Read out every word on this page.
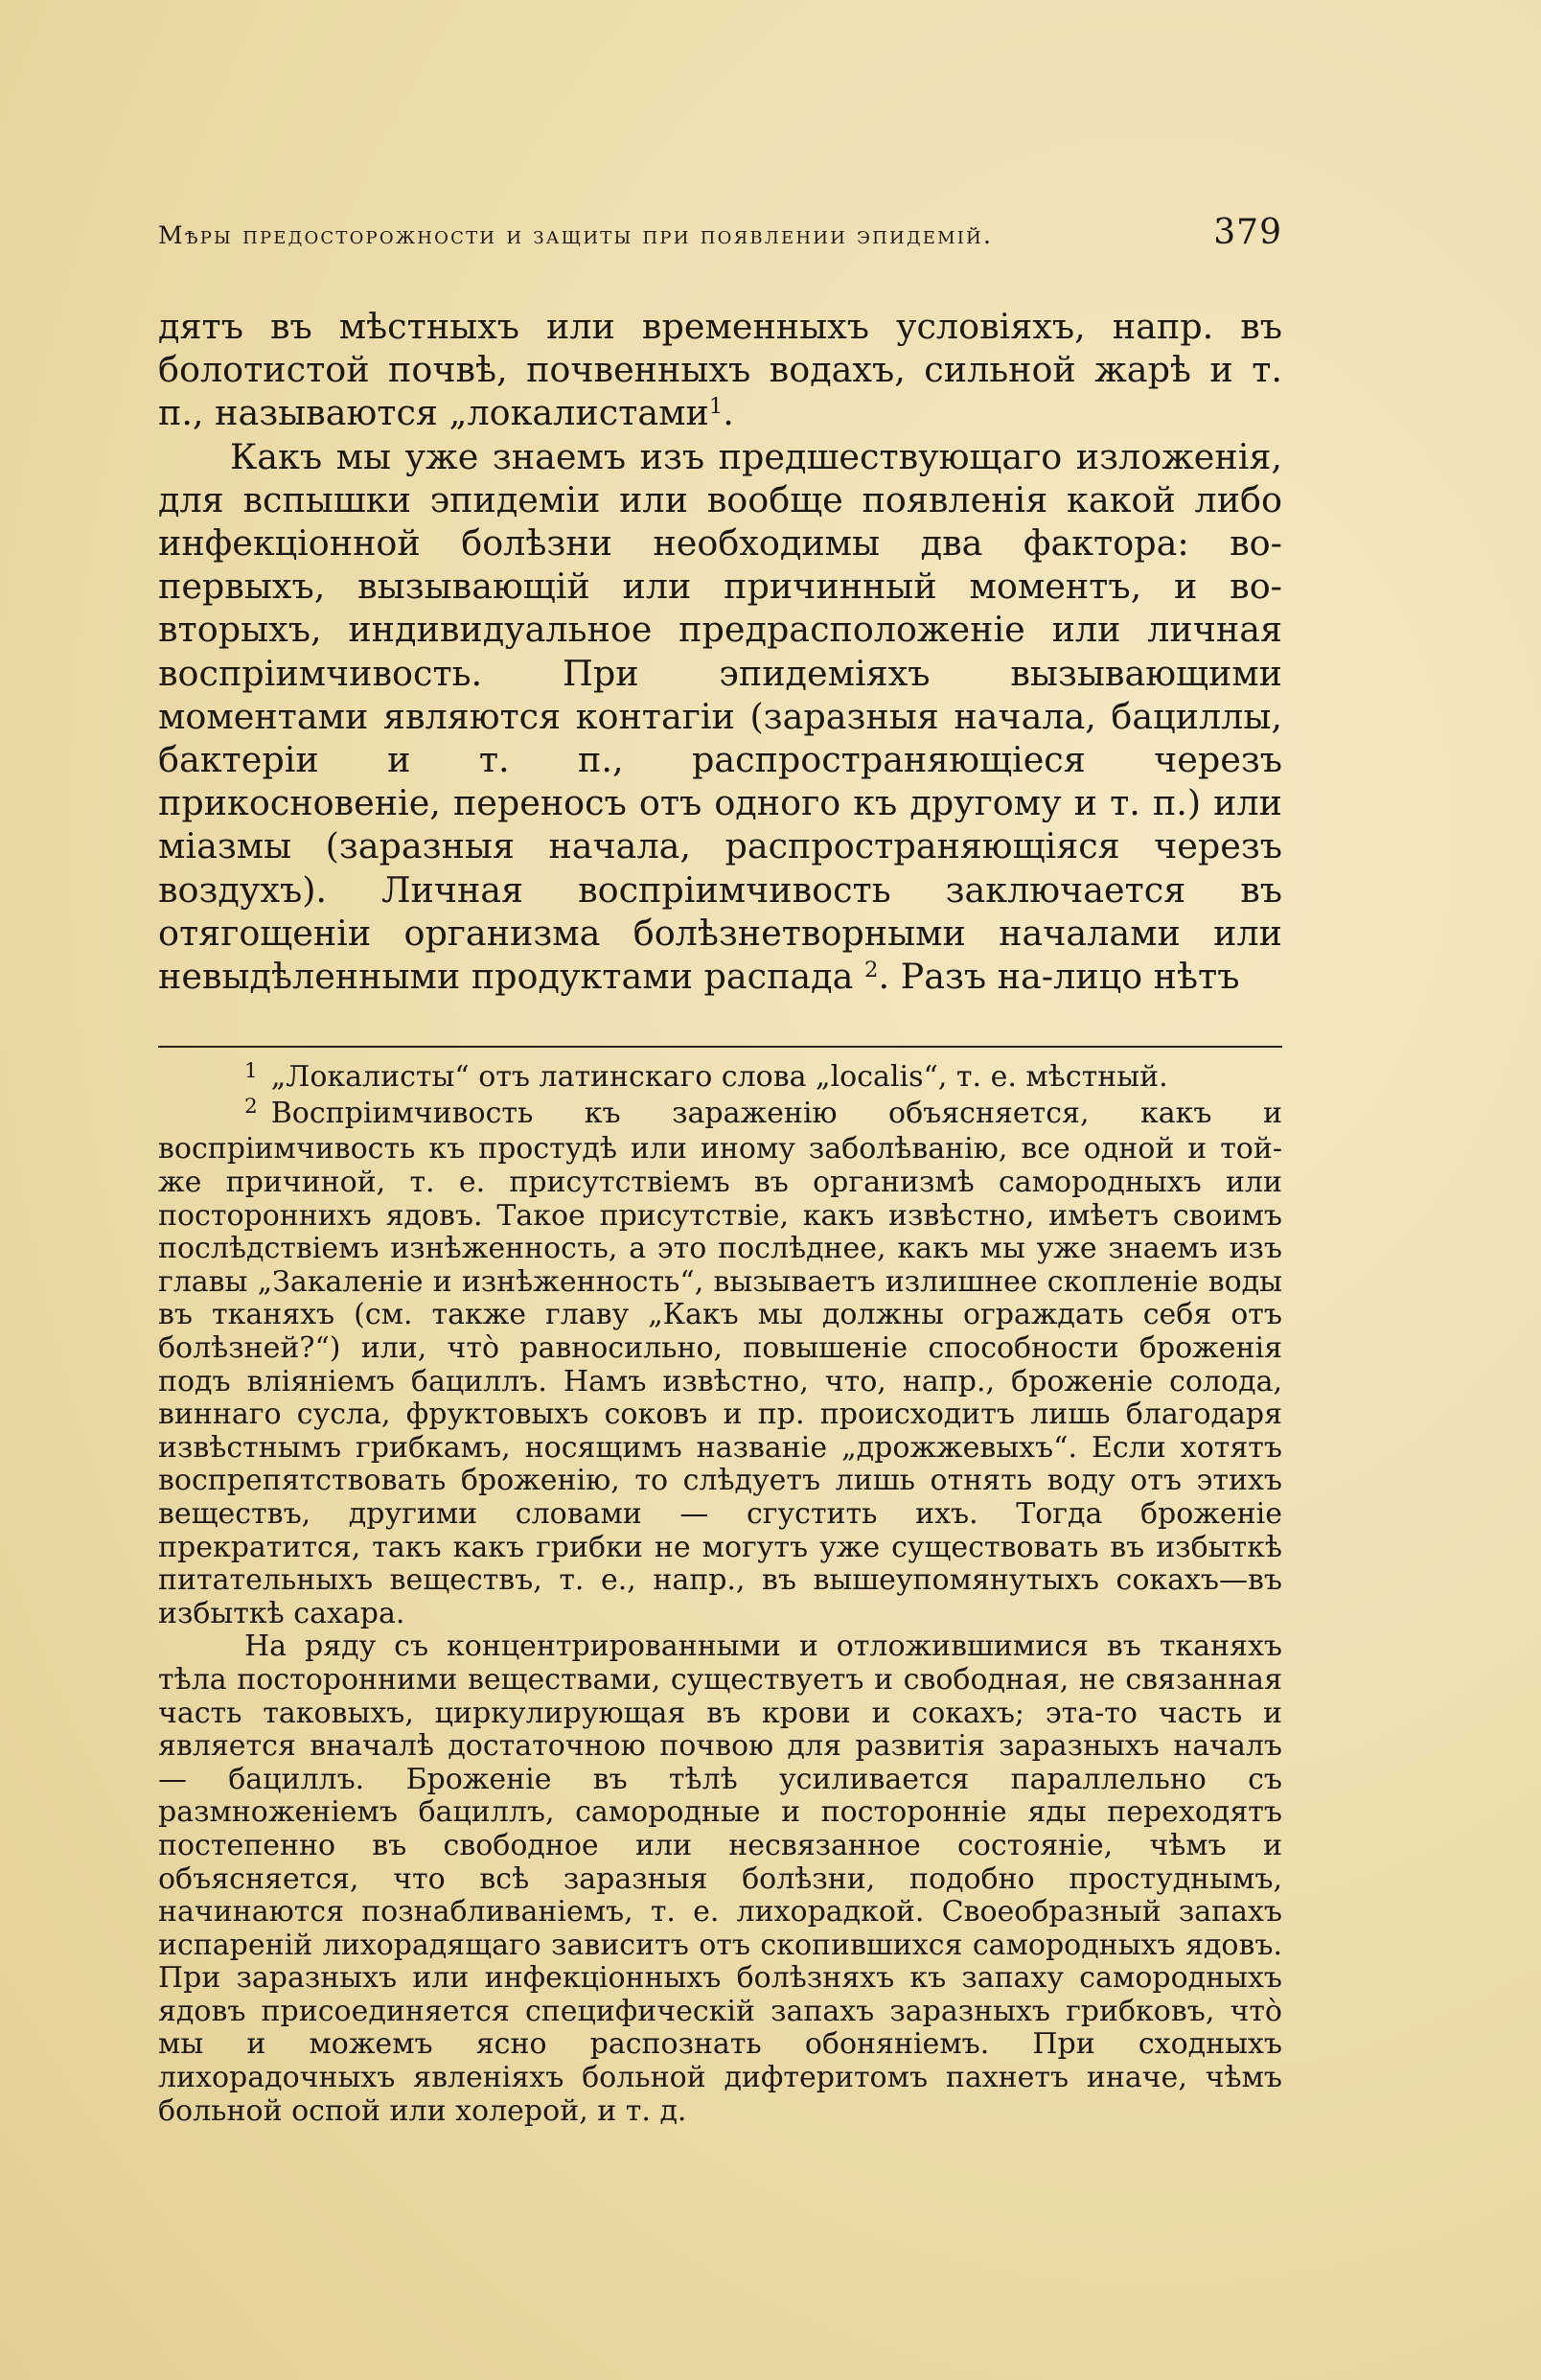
Мѣры предосторожности и защиты при появлении эпидемій.	379

дятъ въ мѣстныхъ или временныхъ условіяхъ, напр. въ болотистой почвѣ, почвенныхъ водахъ, сильной жарѣ и т. п., называются „локалистами$^1$.

Какъ мы уже знаемъ изъ предшествующаго изложенія, для вспышки эпидеміи или вообще появленія какой либо инфекціонной болѣзни необходимы два фактора: во-первыхъ, вызывающій или причинный моментъ, и во-вторыхъ, индивидуальное предрасположеніе или личная воспріимчивость. При эпидеміяхъ вызывающими моментами являются контагіи (заразныя начала, бациллы, бактеріи и т. п., распространяющіеся черезъ прикосновеніе, переносъ отъ одного къ другому и т. п.) или міазмы (заразныя начала, распространяющіяся черезъ воздухъ). Личная воспріимчивость заключается въ отягощеніи организма болѣзнетворными началами или невыдѣленными продуктами распада $^2$. Разъ на-лицо нѣтъ

$^1$ „Локалисты“ отъ латинскаго слова „localis“, т. е. мѣстный.

$^2$ Воспріимчивость къ зараженію объясняется, какъ и воспріимчивость къ простудѣ или иному заболѣванію, все одной и той-же причиной, т. е. присутствіемъ въ организмѣ самородныхъ или постороннихъ ядовъ. Такое присутствіе, какъ извѣстно, имѣетъ своимъ послѣдствіемъ изнѣженность, а это послѣднее, какъ мы уже знаемъ изъ главы „Закаленіе и изнѣженность“, вызываетъ излишнее скопленіе воды въ тканяхъ (см. также главу „Какъ мы должны ограждать себя отъ болѣзней?“) или, что̀ равносильно, повышеніе способности броженія подъ вліяніемъ бациллъ. Намъ извѣстно, что, напр., броженіе солода, виннаго сусла, фруктовыхъ соковъ и пр. происходитъ лишь благодаря извѣстнымъ грибкамъ, носящимъ названіе „дрожжевыхъ“. Если хотятъ воспрепятствовать броженію, то слѣдуетъ лишь отнять воду отъ этихъ веществъ, другими словами — сгустить ихъ. Тогда броженіе прекратится, такъ какъ грибки не могутъ уже существовать въ избыткѣ питательныхъ веществъ, т. е., напр., въ вышеупомянутыхъ сокахъ—въ избыткѣ сахара.

На ряду съ концентрированными и отложившимися въ тканяхъ тѣла посторонними веществами, существуетъ и свободная, не связанная часть таковыхъ, циркулирующая въ крови и сокахъ; эта-то часть и является вначалѣ достаточною почвою для развитія заразныхъ началъ — бациллъ. Броженіе въ тѣлѣ усиливается параллельно съ размноженіемъ бациллъ, самородные и посторонніе яды переходятъ постепенно въ свободное или несвязанное состояніе, чѣмъ и объясняется, что всѣ заразныя болѣзни, подобно простуднымъ, начинаются познабливаніемъ, т. е. лихорадкой. Своеобразный запахъ испареній лихорадящаго зависитъ отъ скопившихся самородныхъ ядовъ. При заразныхъ или инфекціонныхъ болѣзняхъ къ запаху самородныхъ ядовъ присоединяется специфическій запахъ заразныхъ грибковъ, что̀ мы и можемъ ясно распознать обоняніемъ. При сходныхъ лихорадочныхъ явленіяхъ больной дифтеритомъ пахнетъ иначе, чѣмъ больной оспой или холерой, и т. д.
